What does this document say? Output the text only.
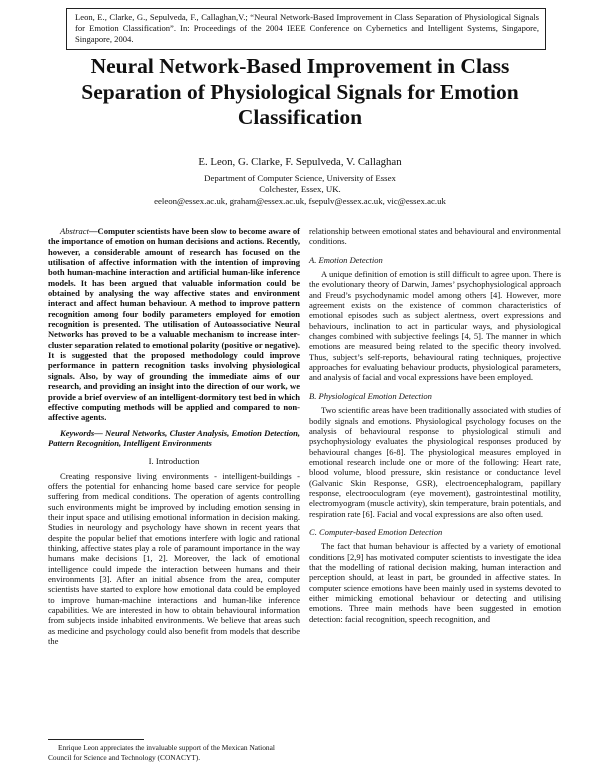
Leon, E., Clarke, G., Sepulveda, F., Callaghan,V.; “Neural Network-Based Improvement in Class Separation of Physiological Signals for Emotion Classification”. In: Proceedings of the 2004 IEEE Conference on Cybernetics and Intelligent Systems, Singapore, Singapore, 2004.
Neural Network-Based Improvement in Class Separation of Physiological Signals for Emotion Classification
E. Leon, G. Clarke, F. Sepulveda, V. Callaghan
Department of Computer Science, University of Essex
Colchester, Essex, UK.
eeleon@essex.ac.uk, graham@essex.ac.uk, fsepulv@essex.ac.uk, vic@essex.ac.uk

Abstract—Computer scientists have been slow to become aware of the importance of emotion on human decisions and actions. Recently, however, a considerable amount of research has focused on the utilisation of affective information with the intention of improving both human-machine interaction and artificial human-like inference models. It has been argued that valuable information could be obtained by analysing the way affective states and environment interact and affect human behaviour. A method to improve pattern recognition among four bodily parameters employed for emotion recognition is presented. The utilisation of Autoassociative Neural Networks has proved to be a valuable mechanism to increase inter-cluster separation related to emotional polarity (positive or negative). It is suggested that the proposed methodology could improve performance in pattern recognition tasks involving physiological signals. Also, by way of grounding the immediate aims of our research, and providing an insight into the direction of our work, we provide a brief overview of an intelligent-dormitory test bed in which effective computing methods will be applied and compared to non-affective agents.

Keywords— Neural Networks, Cluster Analysis, Emotion Detection, Pattern Recognition, Intelligent Environments

I. Introduction

Creating responsive living environments - intelligent-buildings - offers the potential for enhancing home based care service for people suffering from medical conditions. The operation of agents controlling such environments might be improved by including emotion sensing in their input space and utilising emotional information in decision making. Studies in neurology and psychology have shown in recent years that despite the popular belief that emotions interfere with logic and rational thinking, affective states play a role of paramount importance in the way humans make decisions [1, 2]. Moreover, the lack of emotional intelligence could impede the interaction between humans and their environments [3]. After an initial absence from the area, computer scientists have started to explore how emotional data could be employed to improve human-machine interactions and human-like inference capabilities. We are interested in how to obtain behavioural information from subjects inside inhabited environments. We believe that areas such as medicine and psychology could also benefit from models that describe the

relationship between emotional states and behavioural and environmental conditions.

A. Emotion Detection

A unique definition of emotion is still difficult to agree upon. There is the evolutionary theory of Darwin, James’ psychophysiological approach and Freud’s psychodynamic model among others [4]. However, more agreement exists on the existence of common characteristics of emotional episodes such as subject alertness, overt expressions and behaviours, inclination to act in particular ways, and physiological changes combined with subjective feelings [4, 5]. The manner in which emotions are measured being related to the specific theory involved. Thus, subject’s self-reports, behavioural rating techniques, projective approaches for evaluating behaviour products, physiological parameters, and analysis of facial and vocal expressions have been employed.

B. Physiological Emotion Detection

Two scientific areas have been traditionally associated with studies of bodily signals and emotions. Physiological psychology focuses on the analysis of behavioural response to physiological stimuli and psychophysiology evaluates the physiological responses produced by behavioural changes [6-8]. The physiological measures employed in emotional research include one or more of the following: Heart rate, blood volume, blood pressure, skin resistance or conductance level (Galvanic Skin Response, GSR), electroencephalogram, papillary response, electrooculogram (eye movement), gastrointestinal motility, electromyogram (muscle activity), skin temperature, brain potentials, and respiration rate [6]. Facial and vocal expressions are also often used.

C. Computer-based Emotion Detection

The fact that human behaviour is affected by a variety of emotional conditions [2,9] has motivated computer scientists to investigate the idea that the modelling of rational decision making, human interaction and perception should, at least in part, be grounded in affective states. In computer science emotions have been mainly used in systems devoted to either mimicking emotional behaviour or detecting and utilising emotions. Three main methods have been suggested in emotion detection: facial recognition, speech recognition, and

Enrique Leon appreciates the invaluable support of the Mexican National
Council for Science and Technology (CONACYT).
